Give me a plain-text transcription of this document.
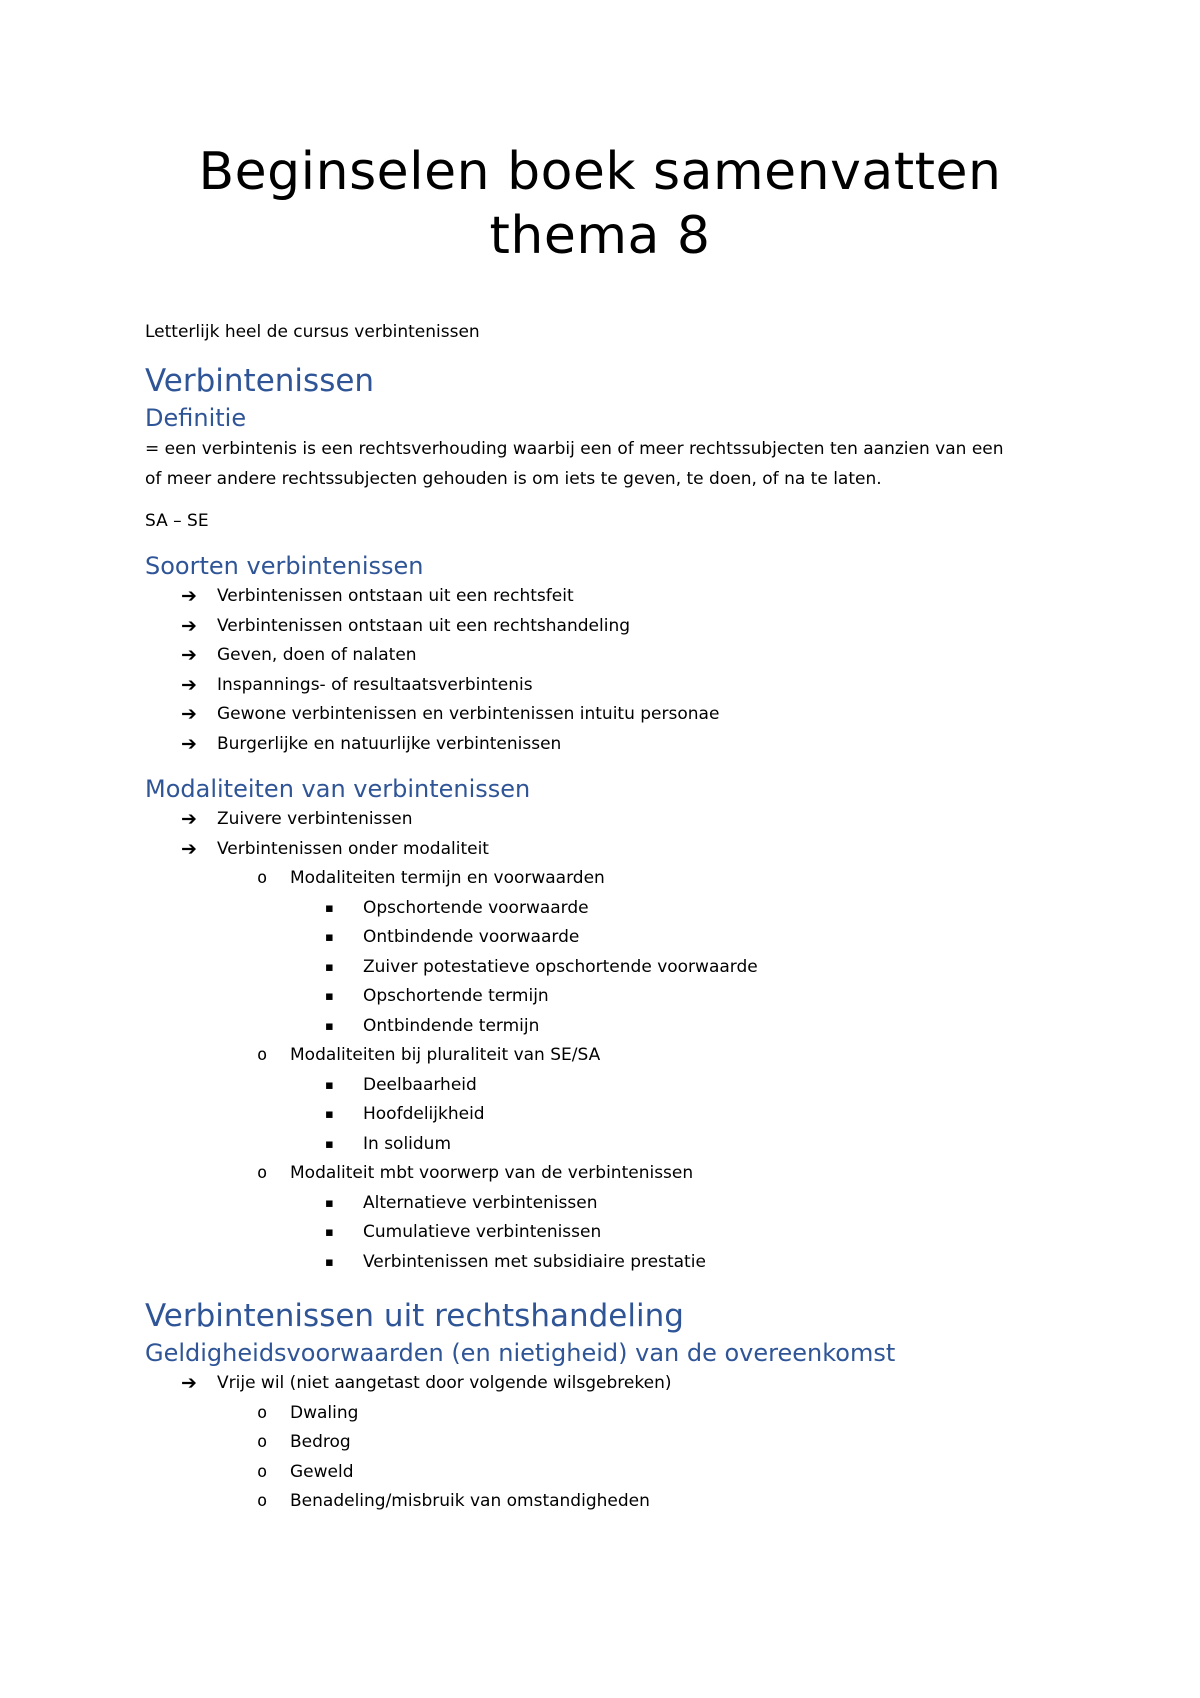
Beginselen boek samenvatten
thema 8

Letterlijk heel de cursus verbintenissen

Verbintenissen
Definitie

= een verbintenis is een rechtsverhouding waarbij een of meer rechtssubjecten ten aanzien van een
of meer andere rechtssubjecten gehouden is om iets te geven, te doen, of na te laten.

SA – SE

Soorten verbintenissen
➔ Verbintenissen ontstaan uit een rechtsfeit
➔ Verbintenissen ontstaan uit een rechtshandeling
➔ Geven, doen of nalaten
➔ Inspannings- of resultaatsverbintenis
➔ Gewone verbintenissen en verbintenissen intuitu personae
➔ Burgerlijke en natuurlijke verbintenissen
Modaliteiten van verbintenissen
➔ Zuivere verbintenissen
➔ Verbintenissen onder modaliteit
o Modaliteiten termijn en voorwaarden
▪ Opschortende voorwaarde
▪ Ontbindende voorwaarde
▪ Zuiver potestatieve opschortende voorwaarde
▪ Opschortende termijn
▪ Ontbindende termijn
o Modaliteiten bij pluraliteit van SE/SA
▪ Deelbaarheid
▪ Hoofdelijkheid
▪ In solidum
o Modaliteit mbt voorwerp van de verbintenissen
▪ Alternatieve verbintenissen
▪ Cumulatieve verbintenissen
▪ Verbintenissen met subsidiaire prestatie
Verbintenissen uit rechtshandeling
Geldigheidsvoorwaarden (en nietigheid) van de overeenkomst
➔ Vrije wil (niet aangetast door volgende wilsgebreken)
o Dwaling
o Bedrog
o Geweld
o Benadeling/misbruik van omstandigheden
